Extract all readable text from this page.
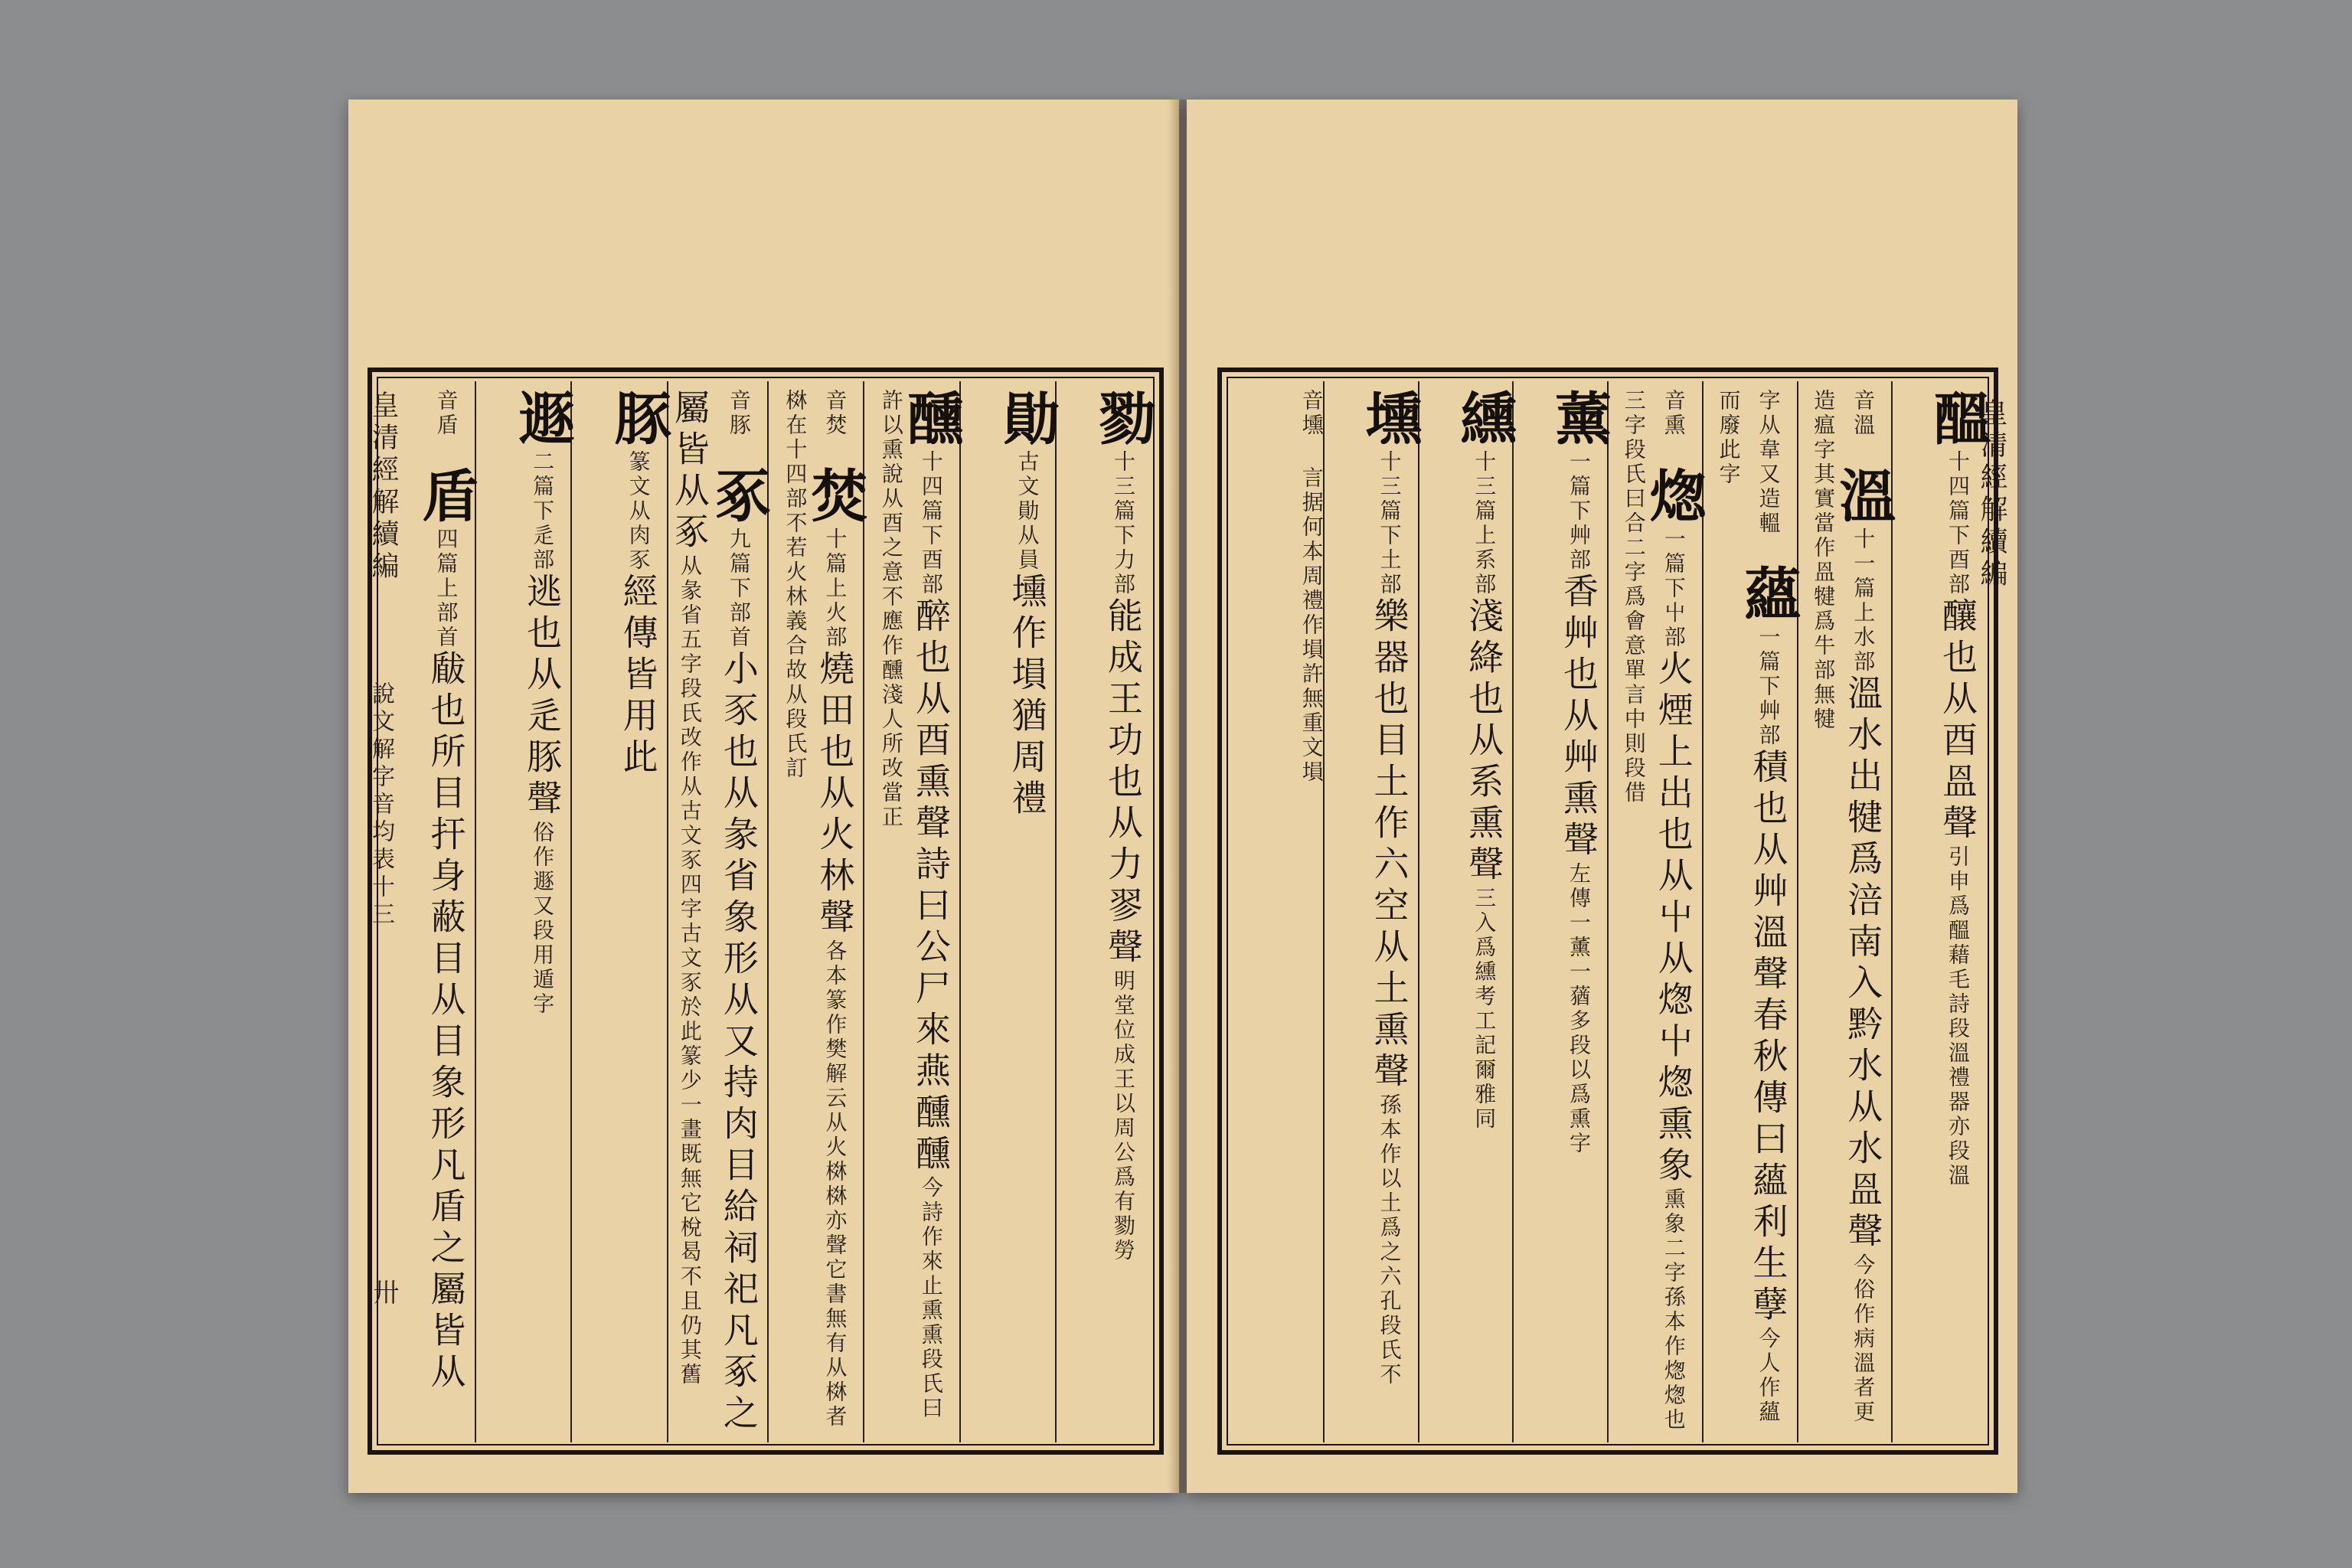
皇清經解續編
說文解字音均表十三
卅
勠十三篇下力部能成王功也从力翏聲明堂位成王以周公爲有勠勞
勛古文勛从員壎作塤猶周禮
醺十四篇下酉部醉也从酉熏聲詩曰公尸來燕醺醺今詩作來止熏熏段氏曰許以熏說从酉之意不應作醺淺人所改當正
音焚 焚十篇上火部燒田也从火林聲各本篆作樊解云从火棥棥亦聲它書無有从棥者棥在十四部不若火林義合故从段氏訂
音豚 豖九篇下部首小豕也从彖省象形从又持肉目給祠祀凡豖之屬皆从豖从彖省五字段氏改作从古文豕四字古文豕於此篆少一畫既無它梲曷不且仍其舊
豚篆文从肉豕經傳皆用此
遯二篇下辵部逃也从辵豚聲俗作遯又段用遁字
音盾 盾四篇上部首瞂也所目扞身蔽目从目象形凡盾之屬皆从
皇清經解續編
醞十四篇下酉部釀也从酉𥁕聲引申爲醞藉毛詩段溫禮器亦段溫
音溫 溫十一篇上水部溫水出犍爲涪南入黔水从水𥁕聲今俗作病溫者更造瘟字其實當作𥁕犍爲牛部無犍
字从韋又造轀 蘊一篇下艸部積也从艸溫聲春秋傳曰蘊利生孽今人作蘊而廢此字
音熏 㷓一篇下屮部火煙上出也从屮从㷓屮㷓熏象熏象二字孫本作㷓㷓也三字段氏曰合二字爲會意單言中則段借
薰一篇下艸部香艸也从艸熏聲左傳一薰一蕕多段以爲熏字
纁十三篇上系部淺絳也从系熏聲三入爲纁考工記爾雅同
壎十三篇下土部樂器也目土作六空从土熏聲孫本作以土爲之六孔段氏不
音壎 言据何本周禮作塤許無重文塤
